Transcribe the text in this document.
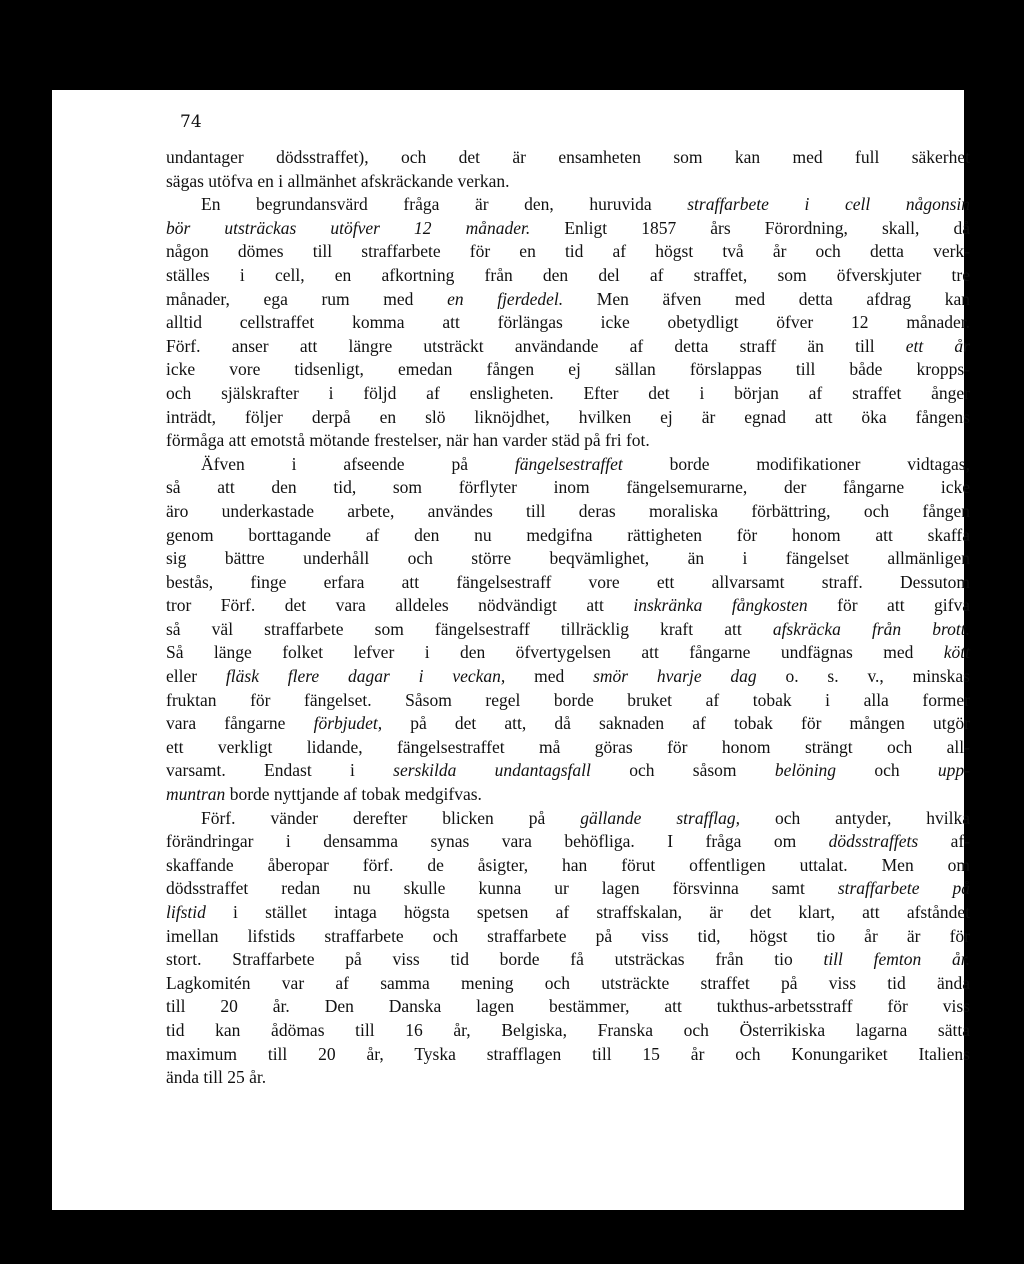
74
undantager dödsstraffet), och det är ensamheten som kan med full säkerhet
sägas utöfva en i allmänhet afskräckande verkan.
  En begrundansvärd fråga är den, huruvida straffarbete i cell någonsin
bör utsträckas utöfver 12 månader. Enligt 1857 års Förordning, skall, då
någon dömes till straffarbete för en tid af högst två år och detta verk-
ställes i cell, en afkortning från den del af straffet, som öfverskjuter tre
månader, ega rum med en fjerdedel. Men äfven med detta afdrag kan
alltid cellstraffet komma att förlängas icke obetydligt öfver 12 månader.
Förf. anser att längre utsträckt användande af detta straff än till ett år
icke vore tidsenligt, emedan fången ej sällan förslappas till både kropps-
och själskrafter i följd af ensligheten. Efter det i början af straffet ånger
inträdt, följer derpå en slö liknöjdhet, hvilken ej är egnad att öka fångens
förmåga att emotstå mötande frestelser, när han varder städ på fri fot.
  Äfven i afseende på fängelsestraffet borde modifikationer vidtagas,
så att den tid, som förflyter inom fängelsemurarne, der fångarne icke
äro underkastade arbete, användes till deras moraliska förbättring, och fången
genom borttagande af den nu medgifna rättigheten för honom att skaffa
sig bättre underhåll och större beqvämlighet, än i fängelset allmänligen
bestås, finge erfara att fängelsestraff vore ett allvarsamt straff. Dessutom
tror Förf. det vara alldeles nödvändigt att inskränka fångkosten för att gifva
så väl straffarbete som fängelsestraff tillräcklig kraft att afskräcka från brott.
Så länge folket lefver i den öfvertygelsen att fångarne undfägnas med kött
eller fläsk flere dagar i veckan, med smör hvarje dag o. s. v., minskas
fruktan för fängelset. Såsom regel borde bruket af tobak i alla former
vara fångarne förbjudet, på det att, då saknaden af tobak för mången utgör
ett verkligt lidande, fängelsestraffet må göras för honom strängt och all-
varsamt. Endast i serskilda undantagsfall och såsom belöning och upp-
muntran borde nyttjande af tobak medgifvas.
  Förf. vänder derefter blicken på gällande strafflag, och antyder, hvilka
förändringar i densamma synas vara behöfliga. I fråga om dödsstraffets af-
skaffande åberopar förf. de åsigter, han förut offentligen uttalat. Men om
dödsstraffet redan nu skulle kunna ur lagen försvinna samt straffarbete på
lifstid i stället intaga högsta spetsen af straffskalan, är det klart, att afståndet
imellan lifstids straffarbete och straffarbete på viss tid, högst tio år är för
stort. Straffarbete på viss tid borde få utsträckas från tio till femton år.
Lagkomitén var af samma mening och utsträckte straffet på viss tid ända
till 20 år. Den Danska lagen bestämmer, att tukthus-arbetsstraff för viss
tid kan ådömas till 16 år, Belgiska, Franska och Österrikiska lagarna sätta
maximum till 20 år, Tyska strafflagen till 15 år och Konungariket Italiens
ända till 25 år.
